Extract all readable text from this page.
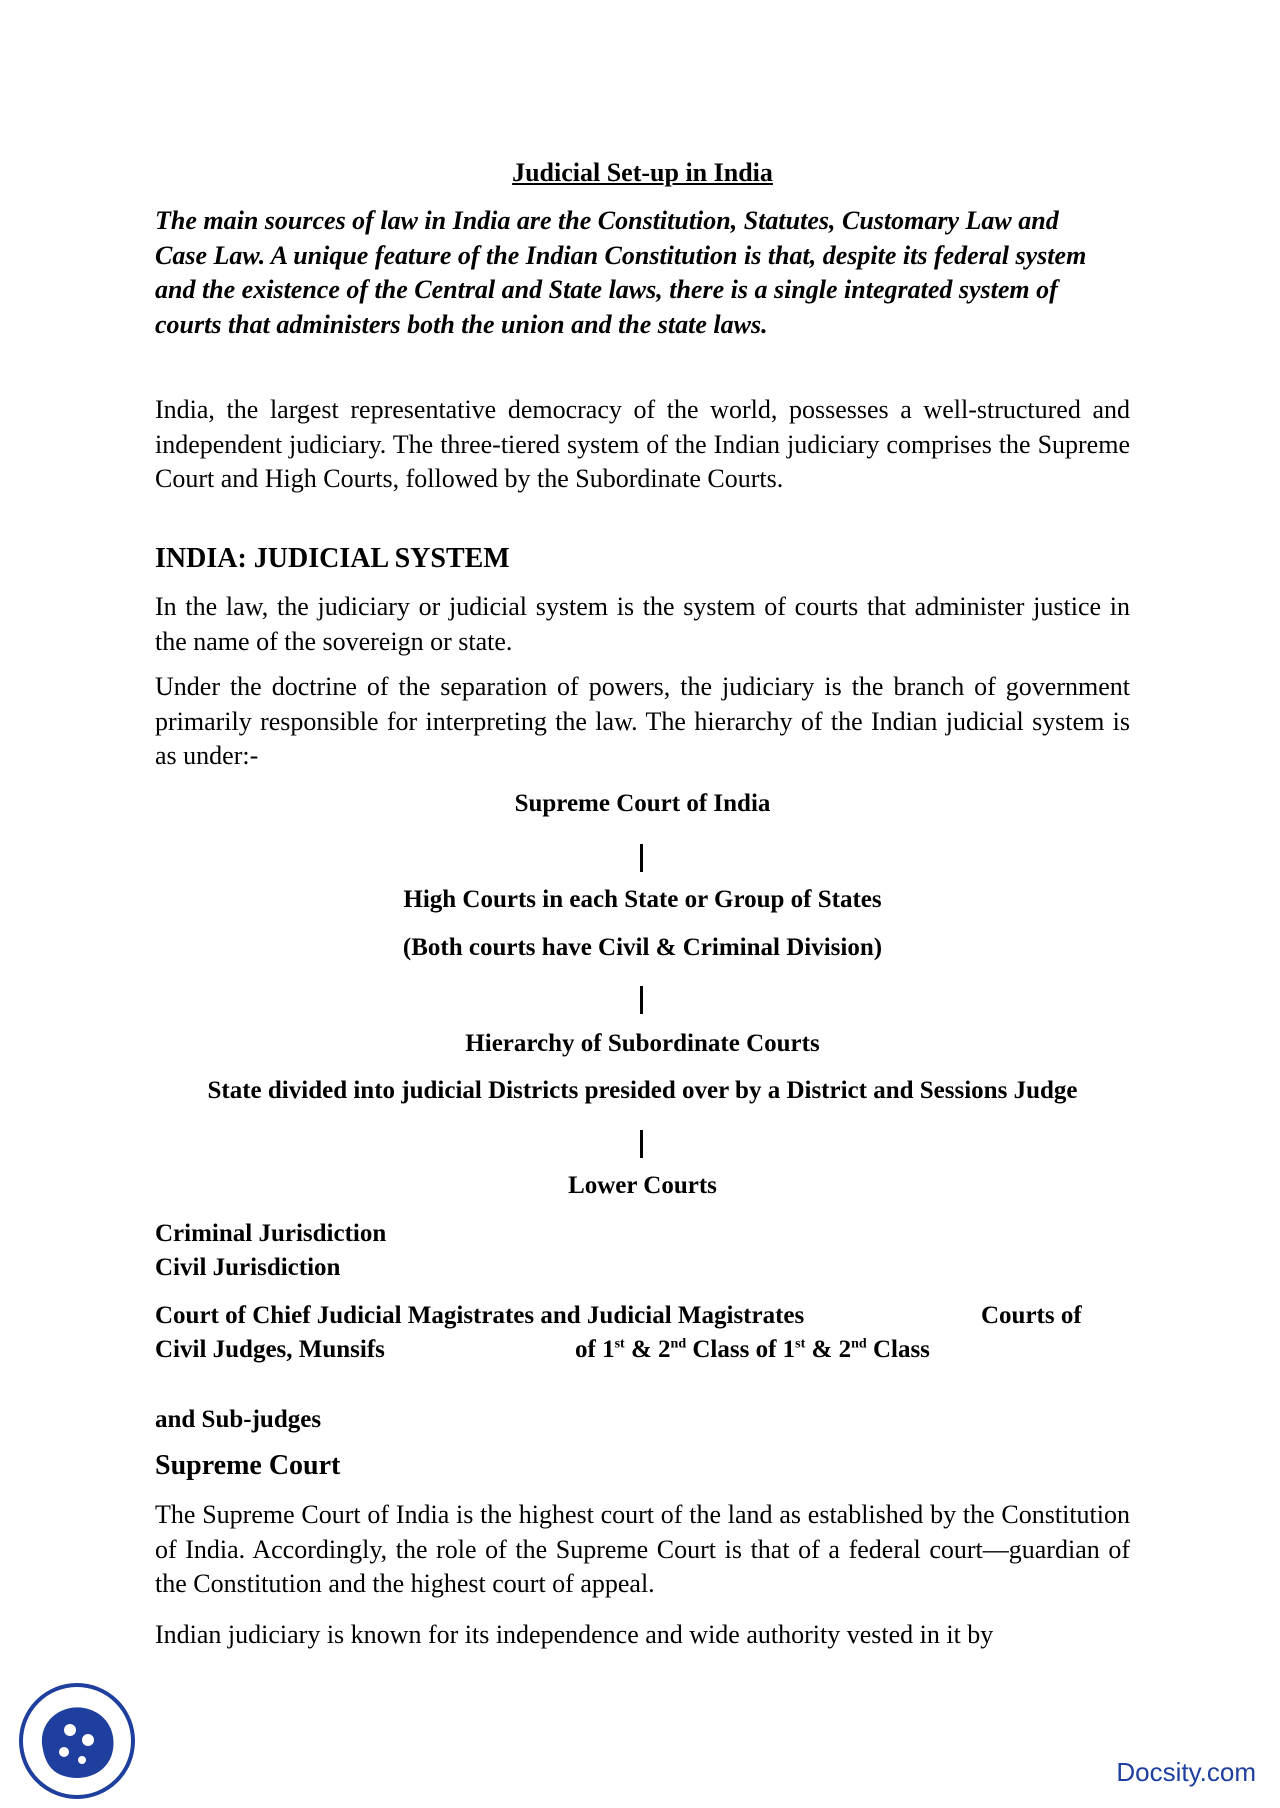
Judicial Set-up in India

The main sources of law in India are the Constitution, Statutes, Customary Law and Case Law. A unique feature of the Indian Constitution is that, despite its federal system and the existence of the Central and State laws, there is a single integrated system of courts that administers both the union and the state laws.

India, the largest representative democracy of the world, possesses a well-structured and independent judiciary. The three-tiered system of the Indian judiciary comprises the Supreme Court and High Courts, followed by the Subordinate Courts.

INDIA: JUDICIAL SYSTEM

In the law, the judiciary or judicial system is the system of courts that administer justice in the name of the sovereign or state.

Under the doctrine of the separation of powers, the judiciary is the branch of government primarily responsible for interpreting the law. The hierarchy of the Indian judicial system is as under:-

Supreme Court of India

High Courts in each State or Group of States

(Both courts have Civil & Criminal Division)

Hierarchy of Subordinate Courts

State divided into judicial Districts presided over by a District and Sessions Judge

Lower Courts

Criminal Jurisdiction

Civil Jurisdiction

Court of Chief Judicial Magistrates and Judicial Magistrates	Courts of

Civil Judges, Munsifs	of 1st & 2nd Class of 1st & 2nd Class

and Sub-judges

Supreme Court

The Supreme Court of India is the highest court of the land as established by the Constitution of India. Accordingly, the role of the Supreme Court is that of a federal court—guardian of the Constitution and the highest court of appeal.

Indian judiciary is known for its independence and wide authority vested in it by

Docsity.com
